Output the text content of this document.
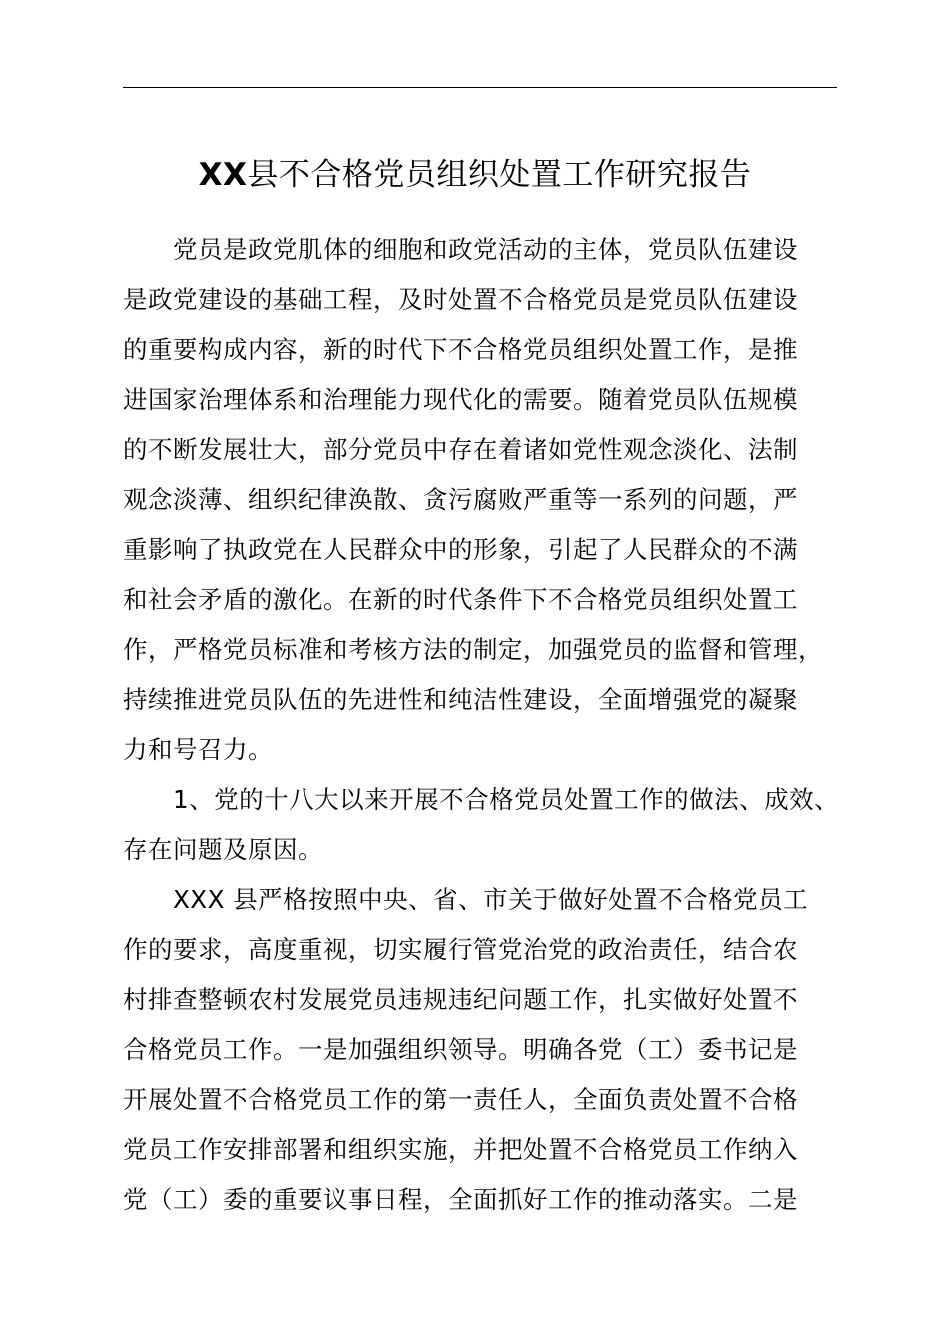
XX县不合格党员组织处置工作研究报告
党员是政党肌体的细胞和政党活动的主体，党员队伍建设
是政党建设的基础工程，及时处置不合格党员是党员队伍建设
的重要构成内容，新的时代下不合格党员组织处置工作，是推
进国家治理体系和治理能力现代化的需要。随着党员队伍规模
的不断发展壮大，部分党员中存在着诸如党性观念淡化、法制
观念淡薄、组织纪律涣散、贪污腐败严重等一系列的问题，严
重影响了执政党在人民群众中的形象，引起了人民群众的不满
和社会矛盾的激化。在新的时代条件下不合格党员组织处置工
作，严格党员标准和考核方法的制定，加强党员的监督和管理，
持续推进党员队伍的先进性和纯洁性建设，全面增强党的凝聚
力和号召力。
1、党的十八大以来开展不合格党员处置工作的做法、成效、
存在问题及原因。
XXX 县严格按照中央、省、市关于做好处置不合格党员工
作的要求，高度重视，切实履行管党治党的政治责任，结合农
村排查整顿农村发展党员违规违纪问题工作，扎实做好处置不
合格党员工作。一是加强组织领导。明确各党（工）委书记是
开展处置不合格党员工作的第一责任人，全面负责处置不合格
党员工作安排部署和组织实施，并把处置不合格党员工作纳入
党（工）委的重要议事日程，全面抓好工作的推动落实。二是
